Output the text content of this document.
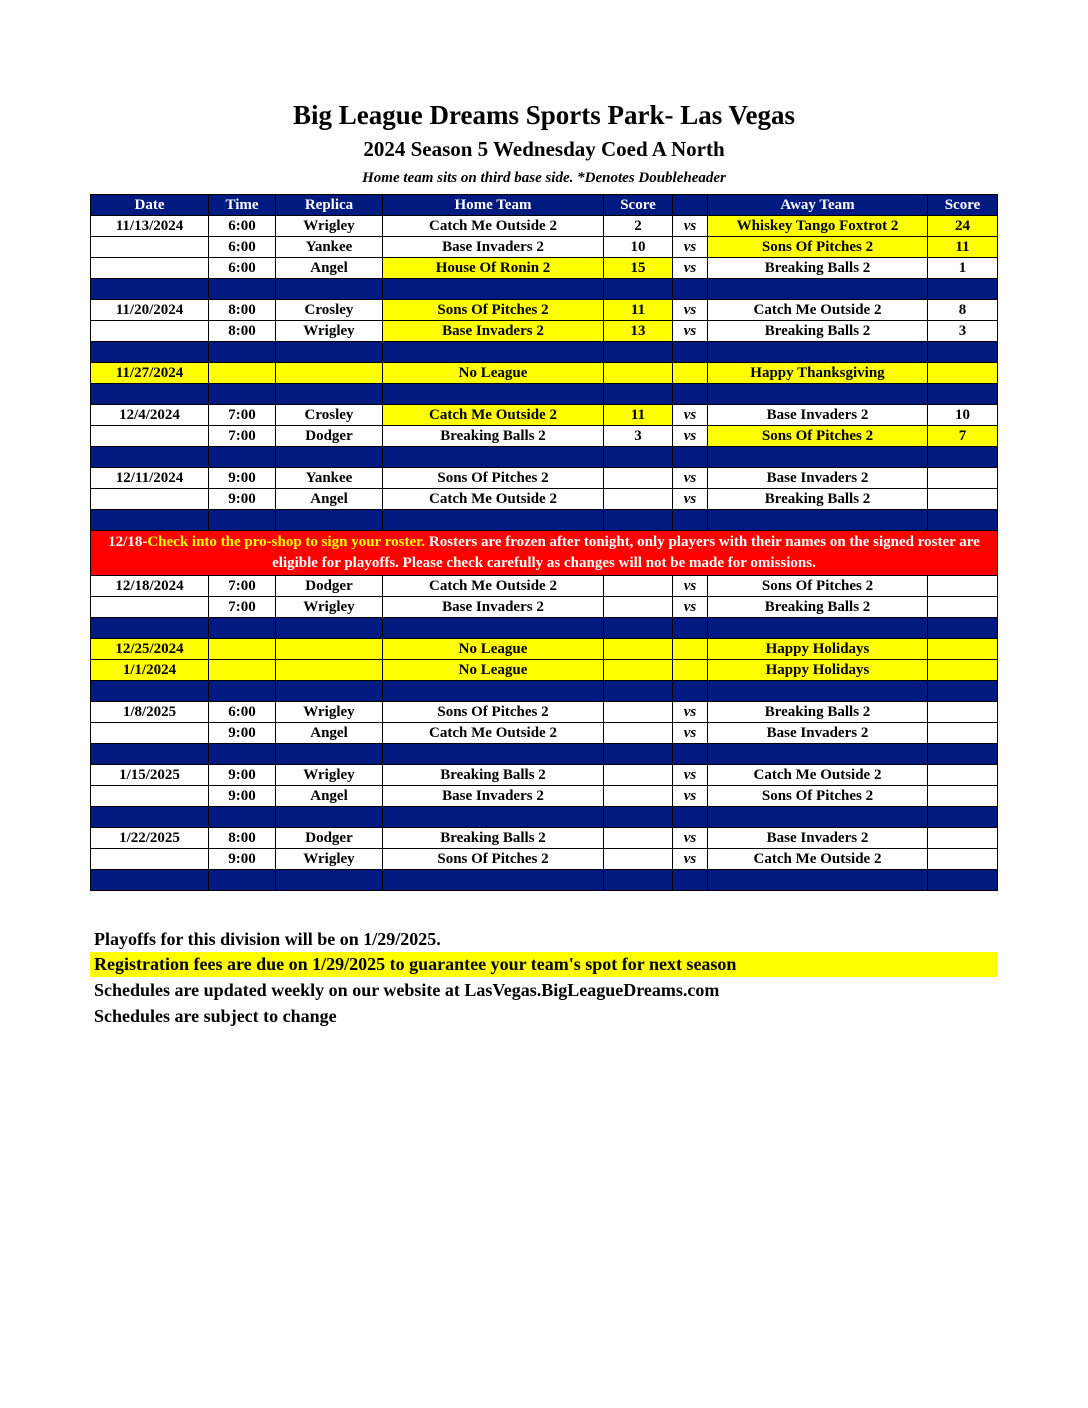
Big League Dreams Sports Park- Las Vegas
2024 Season 5 Wednesday Coed A North
Home team sits on third base side. *Denotes Doubleheader
Date	Time	Replica	Home Team	Score		Away Team	Score
11/13/2024	6:00	Wrigley	Catch Me Outside 2	2	vs	Whiskey Tango Foxtrot 2	24
	6:00	Yankee	Base Invaders 2	10	vs	Sons Of Pitches 2	11
	6:00	Angel	House Of Ronin 2	15	vs	Breaking Balls 2	1

11/20/2024	8:00	Crosley	Sons Of Pitches 2	11	vs	Catch Me Outside 2	8
	8:00	Wrigley	Base Invaders 2	13	vs	Breaking Balls 2	3

11/27/2024			No League			Happy Thanksgiving	

12/4/2024	7:00	Crosley	Catch Me Outside 2	11	vs	Base Invaders 2	10
	7:00	Dodger	Breaking Balls 2	3	vs	Sons Of Pitches 2	7

12/11/2024	9:00	Yankee	Sons Of Pitches 2		vs	Base Invaders 2	
	9:00	Angel	Catch Me Outside 2		vs	Breaking Balls 2	

12/18-Check into the pro-shop to sign your roster. Rosters are frozen after tonight, only players with their names on the signed roster are eligible for playoffs. Please check carefully as changes will not be made for omissions.							
12/18/2024	7:00	Dodger	Catch Me Outside 2		vs	Sons Of Pitches 2	
	7:00	Wrigley	Base Invaders 2		vs	Breaking Balls 2	

12/25/2024			No League			Happy Holidays	
1/1/2024			No League			Happy Holidays	

1/8/2025	6:00	Wrigley	Sons Of Pitches 2		vs	Breaking Balls 2	
	9:00	Angel	Catch Me Outside 2		vs	Base Invaders 2	

1/15/2025	9:00	Wrigley	Breaking Balls 2		vs	Catch Me Outside 2	
	9:00	Angel	Base Invaders 2		vs	Sons Of Pitches 2	

1/22/2025	8:00	Dodger	Breaking Balls 2		vs	Base Invaders 2	
	9:00	Wrigley	Sons Of Pitches 2		vs	Catch Me Outside 2	

Playoffs for this division will be on 1/29/2025.
Registration fees are due on 1/29/2025 to guarantee your team's spot for next season
Schedules are updated weekly on our website at LasVegas.BigLeagueDreams.com
Schedules are subject to change
